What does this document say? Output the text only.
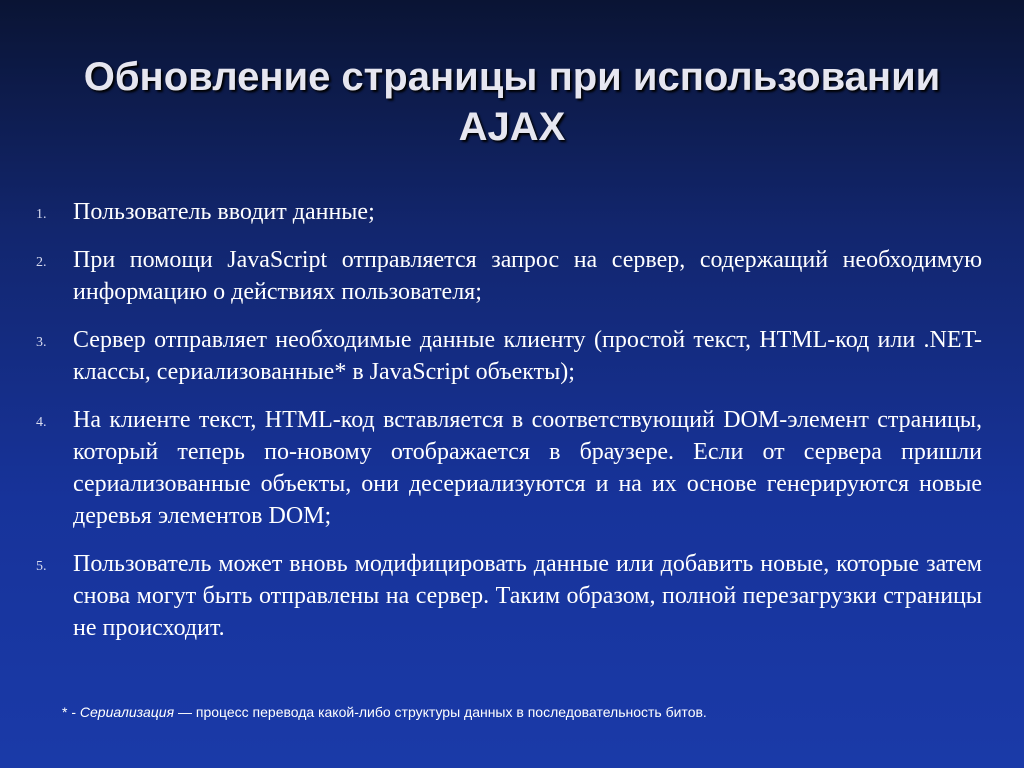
Обновление страницы при использовании AJAX
1. Пользователь вводит данные;
2. При помощи JavaScript отправляется запрос на сервер, содержащий необходимую информацию о действиях пользователя;
3. Сервер отправляет необходимые данные клиенту (простой текст, HTML-код или .NET-классы, сериализованные* в JavaScript объекты);
4. На клиенте текст, HTML-код вставляется в соответствующий DOM-элемент страницы, который теперь по-новому отображается в браузере. Если от сервера пришли сериализованные объекты, они десериализуются и на их основе генерируются новые деревья элементов DOM;
5. Пользователь может вновь модифицировать данные или добавить новые, которые затем снова могут быть отправлены на сервер. Таким образом, полной перезагрузки страницы не происходит.
* - Сериализация — процесс перевода какой-либо структуры данных в последовательность битов.
